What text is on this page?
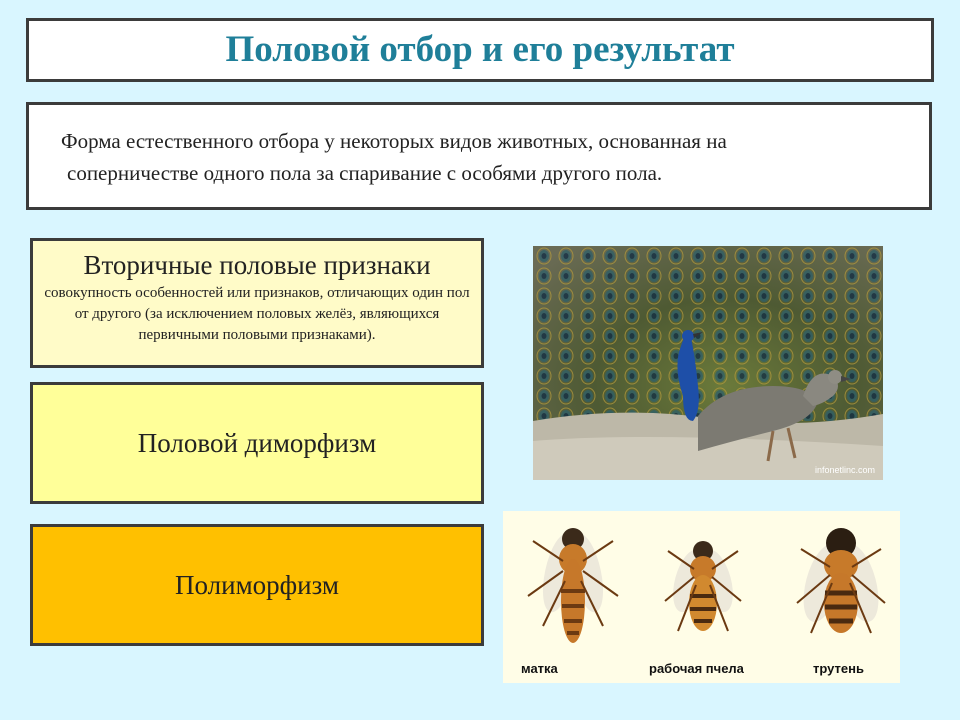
Половой отбор и его результат

Форма естественного отбора у некоторых видов животных, основанная на
соперничестве одного пола за спаривание с особями другого пола.

Вторичные половые признаки
совокупность особенностей или признаков, отличающих один пол от другого (за исключением половых желёз, являющихся первичными половыми признаками).
Половой диморфизм
Полиморфизм
infonetlinc.com
матка	рабочая пчела	трутень
